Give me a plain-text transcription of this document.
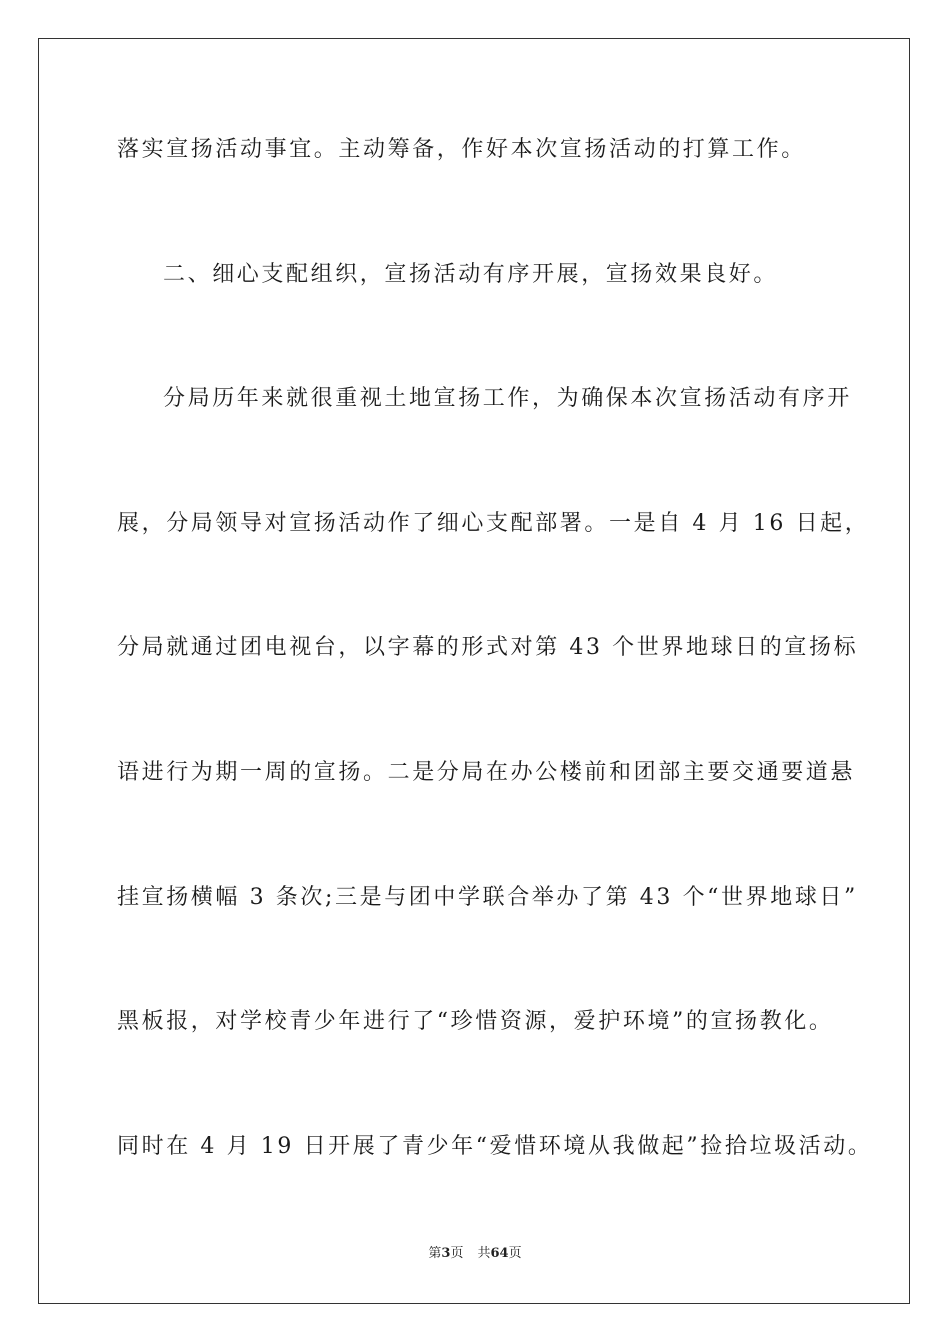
落实宣扬活动事宜。主动筹备，作好本次宣扬活动的打算工作。
二、细心支配组织，宣扬活动有序开展，宣扬效果良好。
分局历年来就很重视土地宣扬工作，为确保本次宣扬活动有序开
展，分局领导对宣扬活动作了细心支配部署。一是自 4 月 16 日起，
分局就通过团电视台，以字幕的形式对第 43 个世界地球日的宣扬标
语进行为期一周的宣扬。二是分局在办公楼前和团部主要交通要道悬
挂宣扬横幅 3 条次;三是与团中学联合举办了第 43 个“世界地球日”
黑板报，对学校青少年进行了“珍惜资源，爱护环境”的宣扬教化。
同时在 4 月 19 日开展了青少年“爱惜环境从我做起”捡拾垃圾活动。
第3页 共64页
